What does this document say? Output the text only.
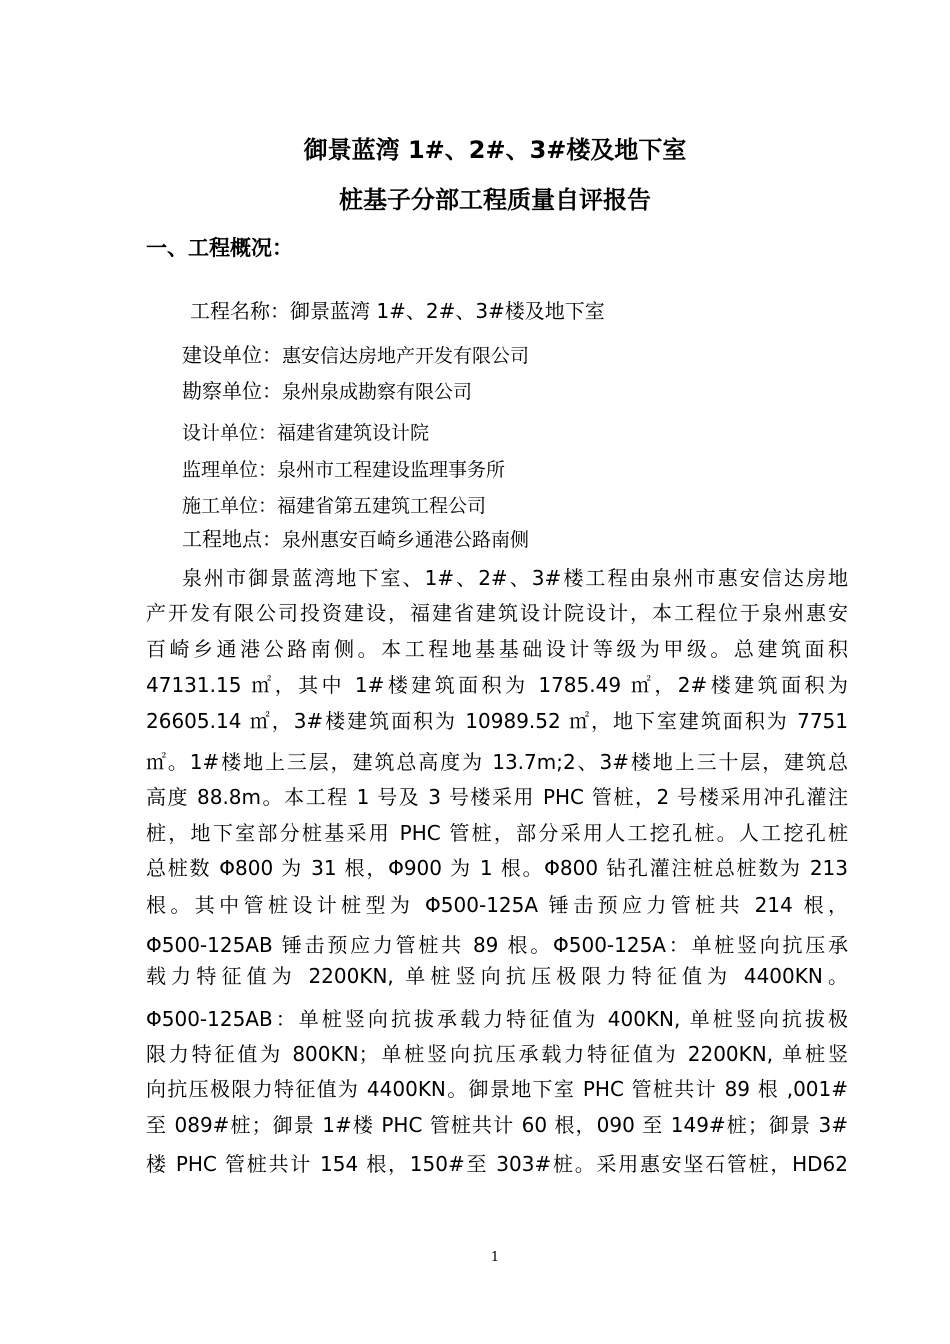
御景蓝湾 1#、2#、3#楼及地下室
桩基子分部工程质量自评报告
一、工程概况：
工程名称：御景蓝湾 1#、2#、3#楼及地下室
建设单位：惠安信达房地产开发有限公司
勘察单位：泉州泉成勘察有限公司
设计单位：福建省建筑设计院
监理单位：泉州市工程建设监理事务所
施工单位：福建省第五建筑工程公司
工程地点：泉州惠安百崎乡通港公路南侧

泉州市御景蓝湾地下室、1#、2#、3#楼工程由泉州市惠安信达房地

产开发有限公司投资建设，福建省建筑设计院设计，本工程位于泉州惠安

百崎乡通港公路南侧。本工程地基基础设计等级为甲级。总建筑面积

47131.15 ㎡，其中 1#楼建筑面积为 1785.49 ㎡，2#楼建筑面积为

26605.14 ㎡，3#楼建筑面积为 10989.52 ㎡，地下室建筑面积为 7751

㎡。1#楼地上三层，建筑总高度为 13.7m;2、3#楼地上三十层，建筑总

高度 88.8m。本工程 1 号及 3 号楼采用 PHC 管桩，2 号楼采用冲孔灌注

桩，地下室部分桩基采用 PHC 管桩，部分采用人工挖孔桩。人工挖孔桩

总桩数 Φ800 为 31 根，Φ900 为 1 根。Φ800 钻孔灌注桩总桩数为 213

根。其中管桩设计桩型为 Φ500-125A 锤击预应力管桩共 214 根，

Φ500-125AB 锤击预应力管桩共 89 根。Φ500-125A：单桩竖向抗压承

载力特征值为 2200KN, 单桩竖向抗压极限力特征值为 4400KN。

Φ500-125AB：单桩竖向抗拔承载力特征值为 400KN, 单桩竖向抗拔极

限力特征值为 800KN；单桩竖向抗压承载力特征值为 2200KN, 单桩竖

向抗压极限力特征值为 4400KN。御景地下室 PHC 管桩共计 89 根 ,001#

至 089#桩；御景 1#楼 PHC 管桩共计 60 根，090 至 149#桩；御景 3#

楼 PHC 管桩共计 154 根，150#至 303#桩。采用惠安坚石管桩，HD62

1
